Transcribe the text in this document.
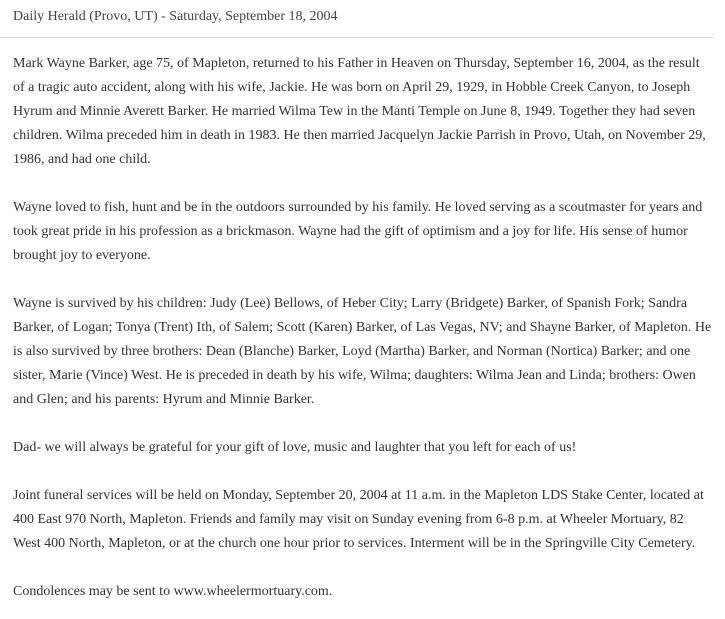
Daily Herald (Provo, UT) - Saturday, September 18, 2004

Mark Wayne Barker, age 75, of Mapleton, returned to his Father in Heaven on Thursday, September 16, 2004, as the result of a tragic auto accident, along with his wife, Jackie. He was born on April 29, 1929, in Hobble Creek Canyon, to Joseph Hyrum and Minnie Averett Barker. He married Wilma Tew in the Manti Temple on June 8, 1949. Together they had seven children. Wilma preceded him in death in 1983. He then married Jacquelyn Jackie Parrish in Provo, Utah, on November 29, 1986, and had one child.

Wayne loved to fish, hunt and be in the outdoors surrounded by his family. He loved serving as a scoutmaster for years and took great pride in his profession as a brickmason. Wayne had the gift of optimism and a joy for life. His sense of humor brought joy to everyone.

Wayne is survived by his children: Judy (Lee) Bellows, of Heber City; Larry (Bridgete) Barker, of Spanish Fork; Sandra Barker, of Logan; Tonya (Trent) Ith, of Salem; Scott (Karen) Barker, of Las Vegas, NV; and Shayne Barker, of Mapleton. He is also survived by three brothers: Dean (Blanche) Barker, Loyd (Martha) Barker, and Norman (Nortica) Barker; and one sister, Marie (Vince) West. He is preceded in death by his wife, Wilma; daughters: Wilma Jean and Linda; brothers: Owen and Glen; and his parents: Hyrum and Minnie Barker.

Dad- we will always be grateful for your gift of love, music and laughter that you left for each of us!

Joint funeral services will be held on Monday, September 20, 2004 at 11 a.m. in the Mapleton LDS Stake Center, located at 400 East 970 North, Mapleton. Friends and family may visit on Sunday evening from 6-8 p.m. at Wheeler Mortuary, 82 West 400 North, Mapleton, or at the church one hour prior to services. Interment will be in the Springville City Cemetery.

Condolences may be sent to www.wheelermortuary.com.
